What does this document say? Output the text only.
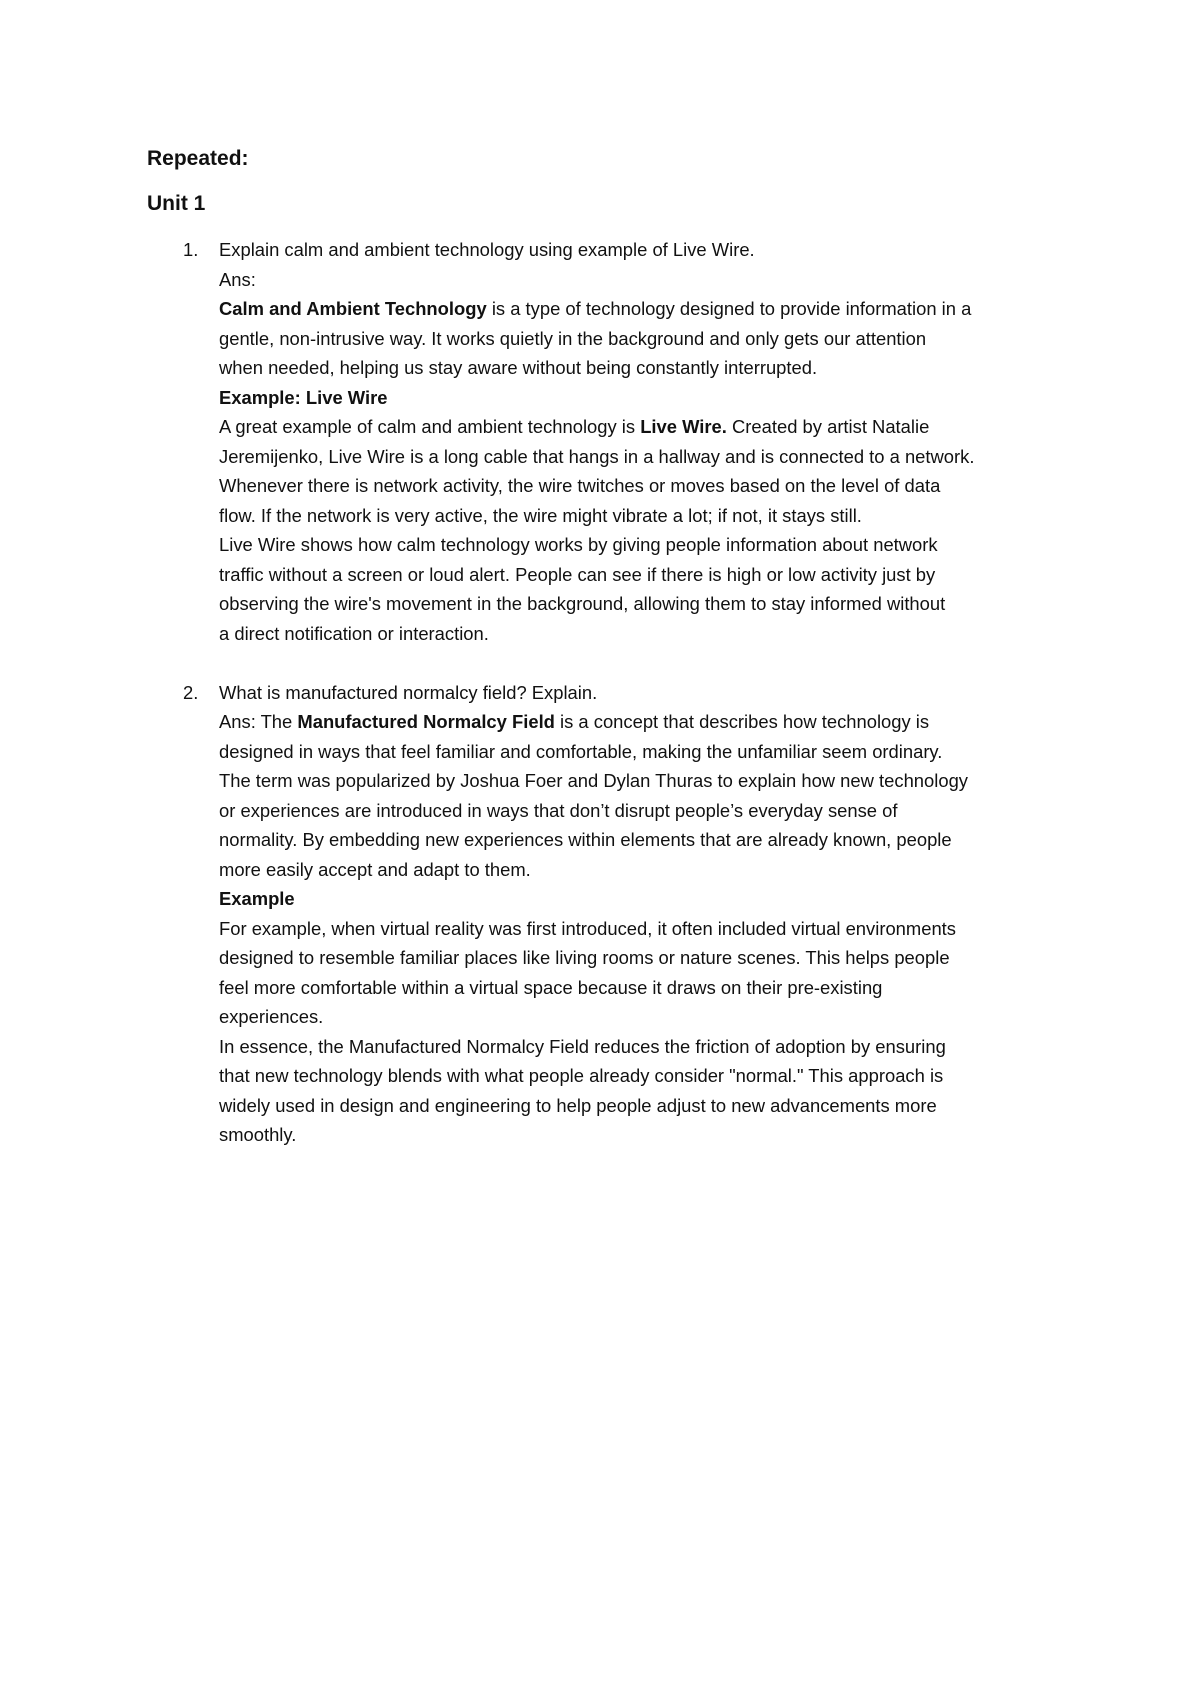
Repeated:
Unit 1
1. Explain calm and ambient technology using example of Live Wire.
Ans:
Calm and Ambient Technology is a type of technology designed to provide information in a
gentle, non-intrusive way. It works quietly in the background and only gets our attention
when needed, helping us stay aware without being constantly interrupted.
Example: Live Wire
A great example of calm and ambient technology is Live Wire. Created by artist Natalie
Jeremijenko, Live Wire is a long cable that hangs in a hallway and is connected to a network.
Whenever there is network activity, the wire twitches or moves based on the level of data
flow. If the network is very active, the wire might vibrate a lot; if not, it stays still.
Live Wire shows how calm technology works by giving people information about network
traffic without a screen or loud alert. People can see if there is high or low activity just by
observing the wire's movement in the background, allowing them to stay informed without
a direct notification or interaction.
2. What is manufactured normalcy field? Explain.
Ans: The Manufactured Normalcy Field is a concept that describes how technology is
designed in ways that feel familiar and comfortable, making the unfamiliar seem ordinary.
The term was popularized by Joshua Foer and Dylan Thuras to explain how new technology
or experiences are introduced in ways that don’t disrupt people’s everyday sense of
normality. By embedding new experiences within elements that are already known, people
more easily accept and adapt to them.
Example
For example, when virtual reality was first introduced, it often included virtual environments
designed to resemble familiar places like living rooms or nature scenes. This helps people
feel more comfortable within a virtual space because it draws on their pre-existing
experiences.
In essence, the Manufactured Normalcy Field reduces the friction of adoption by ensuring
that new technology blends with what people already consider "normal." This approach is
widely used in design and engineering to help people adjust to new advancements more
smoothly.
